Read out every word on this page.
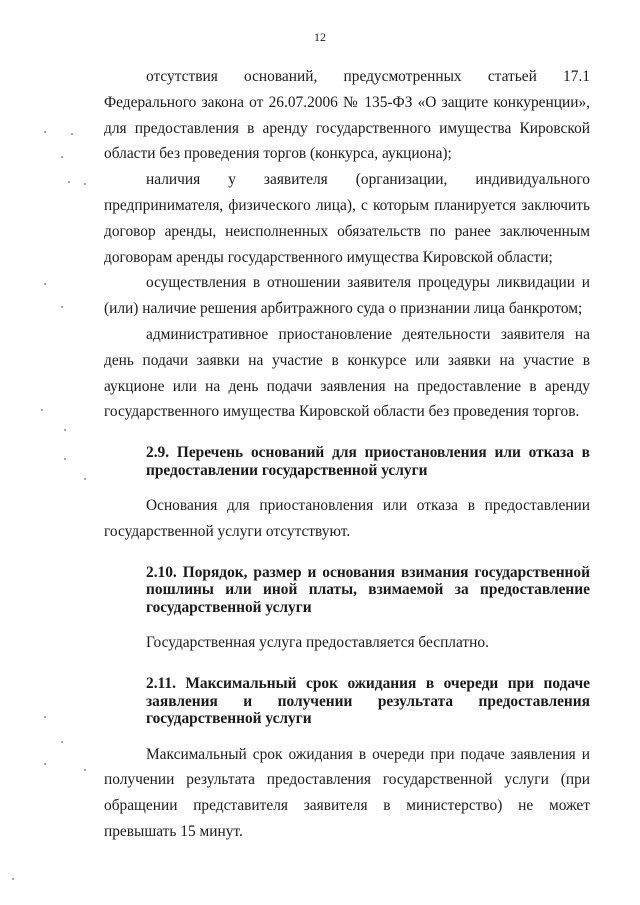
12

отсутствия оснований, предусмотренных статьей 17.1 Федерального закона от 26.07.2006 № 135-ФЗ «О защите конкуренции», для предоставления в аренду государственного имущества Кировской области без проведения торгов (конкурса, аукциона);

наличия у заявителя (организации, индивидуального предпринимателя, физического лица), с которым планируется заключить договор аренды, неисполненных обязательств по ранее заключенным договорам аренды государственного имущества Кировской области;

осуществления в отношении заявителя процедуры ликвидации и (или) наличие решения арбитражного суда о признании лица банкротом;

административное приостановление деятельности заявителя на день подачи заявки на участие в конкурсе или заявки на участие в аукционе или на день подачи заявления на предоставление в аренду государственного имущества Кировской области без проведения торгов.

2.9. Перечень оснований для приостановления или отказа в предоставлении государственной услуги

Основания для приостановления или отказа в предоставлении государственной услуги отсутствуют.

2.10. Порядок, размер и основания взимания государственной пошлины или иной платы, взимаемой за предоставление государственной услуги

Государственная услуга предоставляется бесплатно.

2.11. Максимальный срок ожидания в очереди при подаче заявления и получении результата предоставления государственной услуги

Максимальный срок ожидания в очереди при подаче заявления и получении результата предоставления государственной услуги (при обращении представителя заявителя в министерство) не может превышать 15 минут.
